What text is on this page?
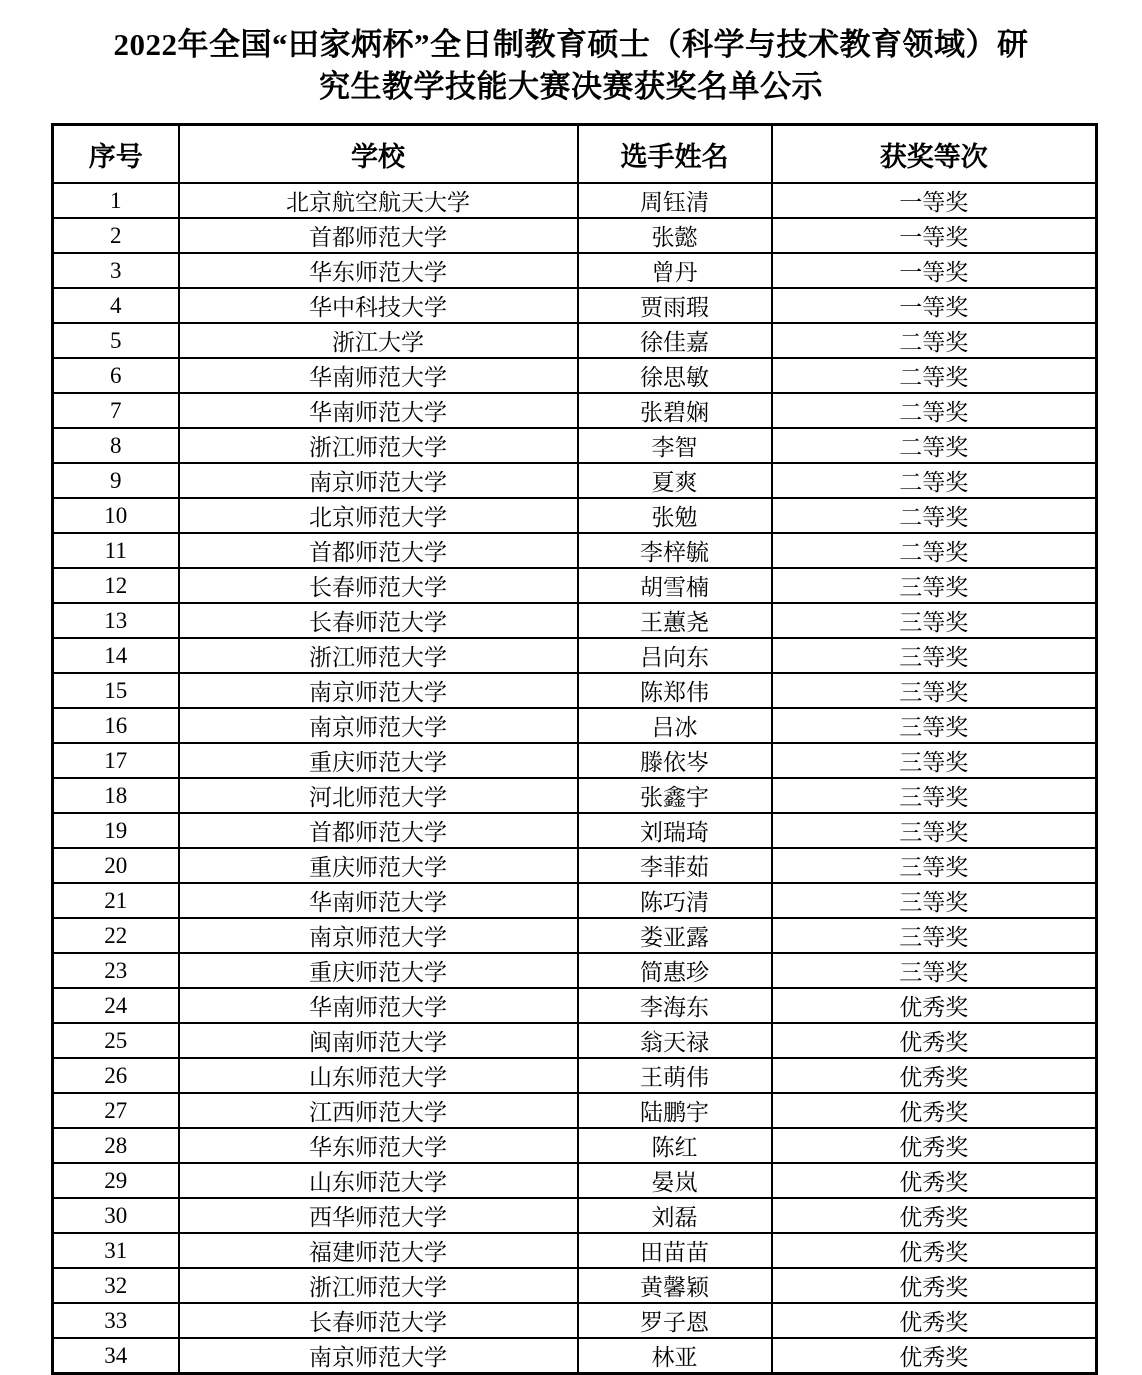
2022年全国“田家炳杯”全日制教育硕士（科学与技术教育领域）研
究生教学技能大赛决赛获奖名单公示
序号	学校	选手姓名	获奖等次
1	北京航空航天大学	周钰清	一等奖
2	首都师范大学	张懿	一等奖
3	华东师范大学	曾丹	一等奖
4	华中科技大学	贾雨瑕	一等奖
5	浙江大学	徐佳嘉	二等奖
6	华南师范大学	徐思敏	二等奖
7	华南师范大学	张碧娴	二等奖
8	浙江师范大学	李智	二等奖
9	南京师范大学	夏爽	二等奖
10	北京师范大学	张勉	二等奖
11	首都师范大学	李梓毓	二等奖
12	长春师范大学	胡雪楠	三等奖
13	长春师范大学	王蕙尧	三等奖
14	浙江师范大学	吕向东	三等奖
15	南京师范大学	陈郑伟	三等奖
16	南京师范大学	吕冰	三等奖
17	重庆师范大学	滕依岑	三等奖
18	河北师范大学	张鑫宇	三等奖
19	首都师范大学	刘瑞琦	三等奖
20	重庆师范大学	李菲茹	三等奖
21	华南师范大学	陈巧清	三等奖
22	南京师范大学	娄亚露	三等奖
23	重庆师范大学	简惠珍	三等奖
24	华南师范大学	李海东	优秀奖
25	闽南师范大学	翁天禄	优秀奖
26	山东师范大学	王萌伟	优秀奖
27	江西师范大学	陆鹏宇	优秀奖
28	华东师范大学	陈红	优秀奖
29	山东师范大学	晏岚	优秀奖
30	西华师范大学	刘磊	优秀奖
31	福建师范大学	田苗苗	优秀奖
32	浙江师范大学	黄馨颖	优秀奖
33	长春师范大学	罗子恩	优秀奖
34	南京师范大学	林亚	优秀奖
